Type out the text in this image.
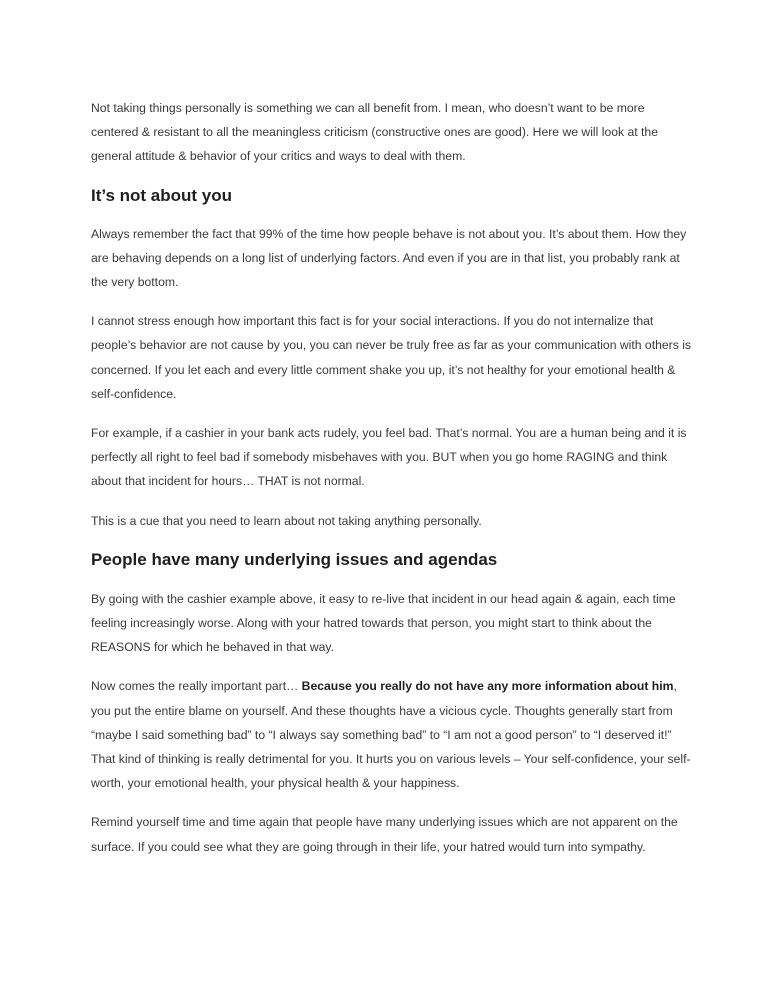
Not taking things personally is something we can all benefit from. I mean, who doesn’t want to be more centered & resistant to all the meaningless criticism (constructive ones are good). Here we will look at the general attitude & behavior of your critics and ways to deal with them.

It’s not about you

Always remember the fact that 99% of the time how people behave is not about you. It’s about them. How they are behaving depends on a long list of underlying factors. And even if you are in that list, you probably rank at the very bottom.

I cannot stress enough how important this fact is for your social interactions. If you do not internalize that people’s behavior are not cause by you, you can never be truly free as far as your communication with others is concerned. If you let each and every little comment shake you up, it’s not healthy for your emotional health & self-confidence.

For example, if a cashier in your bank acts rudely, you feel bad. That’s normal. You are a human being and it is perfectly all right to feel bad if somebody misbehaves with you. BUT when you go home RAGING and think about that incident for hours… THAT is not normal.

This is a cue that you need to learn about not taking anything personally.

People have many underlying issues and agendas

By going with the cashier example above, it easy to re-live that incident in our head again & again, each time feeling increasingly worse. Along with your hatred towards that person, you might start to think about the REASONS for which he behaved in that way.

Now comes the really important part… Because you really do not have any more information about him, you put the entire blame on yourself. And these thoughts have a vicious cycle. Thoughts generally start from “maybe I said something bad” to “I always say something bad” to “I am not a good person” to “I deserved it!”

That kind of thinking is really detrimental for you. It hurts you on various levels – Your self-confidence, your self-worth, your emotional health, your physical health & your happiness.

Remind yourself time and time again that people have many underlying issues which are not apparent on the surface. If you could see what they are going through in their life, your hatred would turn into sympathy.
